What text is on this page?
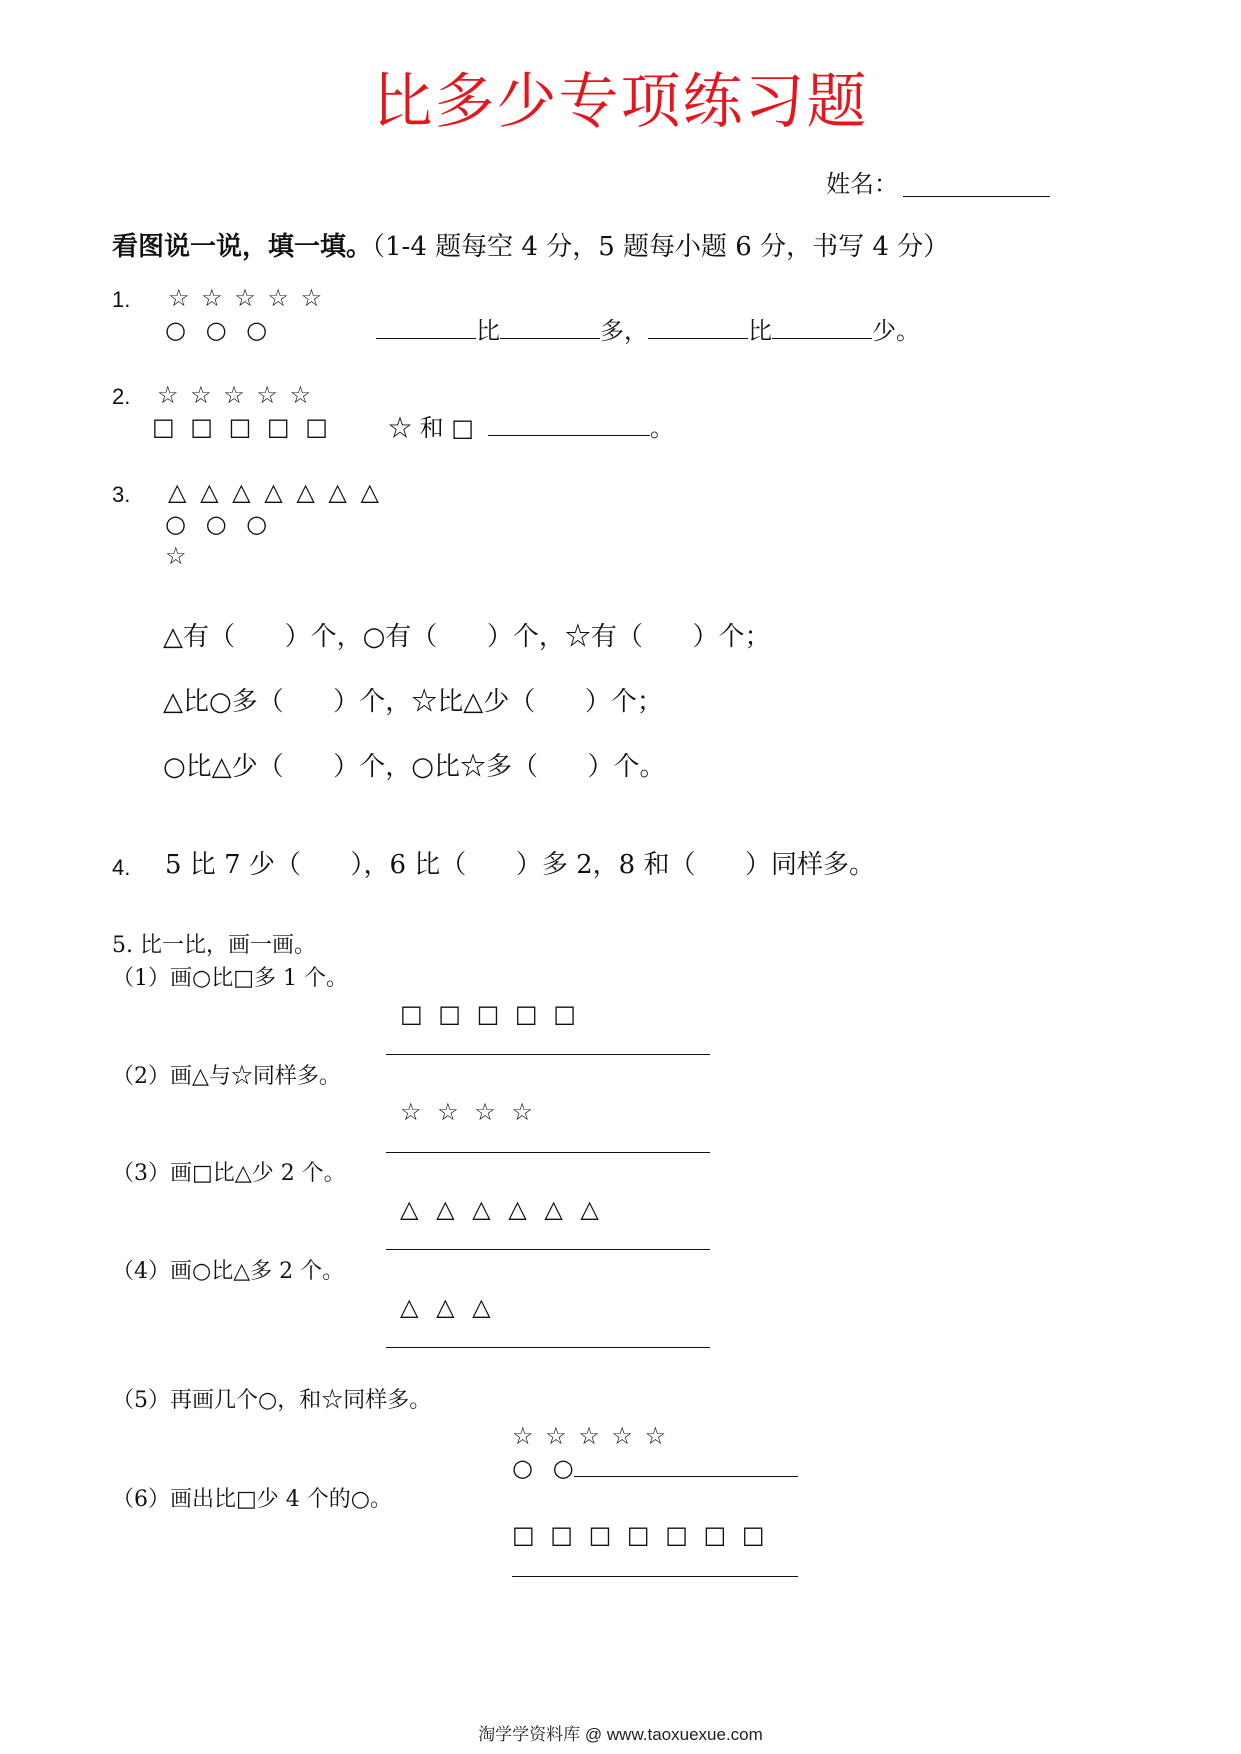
比多少专项练习题
姓名：
看图说一说，填一填。（1-4 题每空 4 分，5 题每小题 6 分，书写 4 分）
1. ☆ ☆ ☆ ☆ ☆
○ ○ ○	比	多，	比	少。
2. ☆ ☆ ☆ ☆ ☆
□ □ □ □ □ ☆ 和 □	。
3. △ △ △ △ △ △ △
○ ○ ○
☆
△有（      ）个，○有（      ）个，☆有（      ）个；
△比○多（      ）个，☆比△少（      ）个；
○比△少（      ）个，○比☆多（      ）个。
4. 5 比 7 少（      ），6 比（      ）多 2，8 和（      ）同样多。
5. 比一比，画一画。
（1）画○比□多 1 个。
□ □ □ □ □
（2）画△与☆同样多。
☆ ☆ ☆ ☆
（3）画□比△少 2 个。
△ △ △ △ △ △
（4）画○比△多 2 个。
△ △ △
（5）再画几个○，和☆同样多。
☆ ☆ ☆ ☆ ☆
○ ○
（6）画出比□少 4 个的○。
□ □ □ □ □ □ □
淘学学资料库 @ www.taoxuexue.com
